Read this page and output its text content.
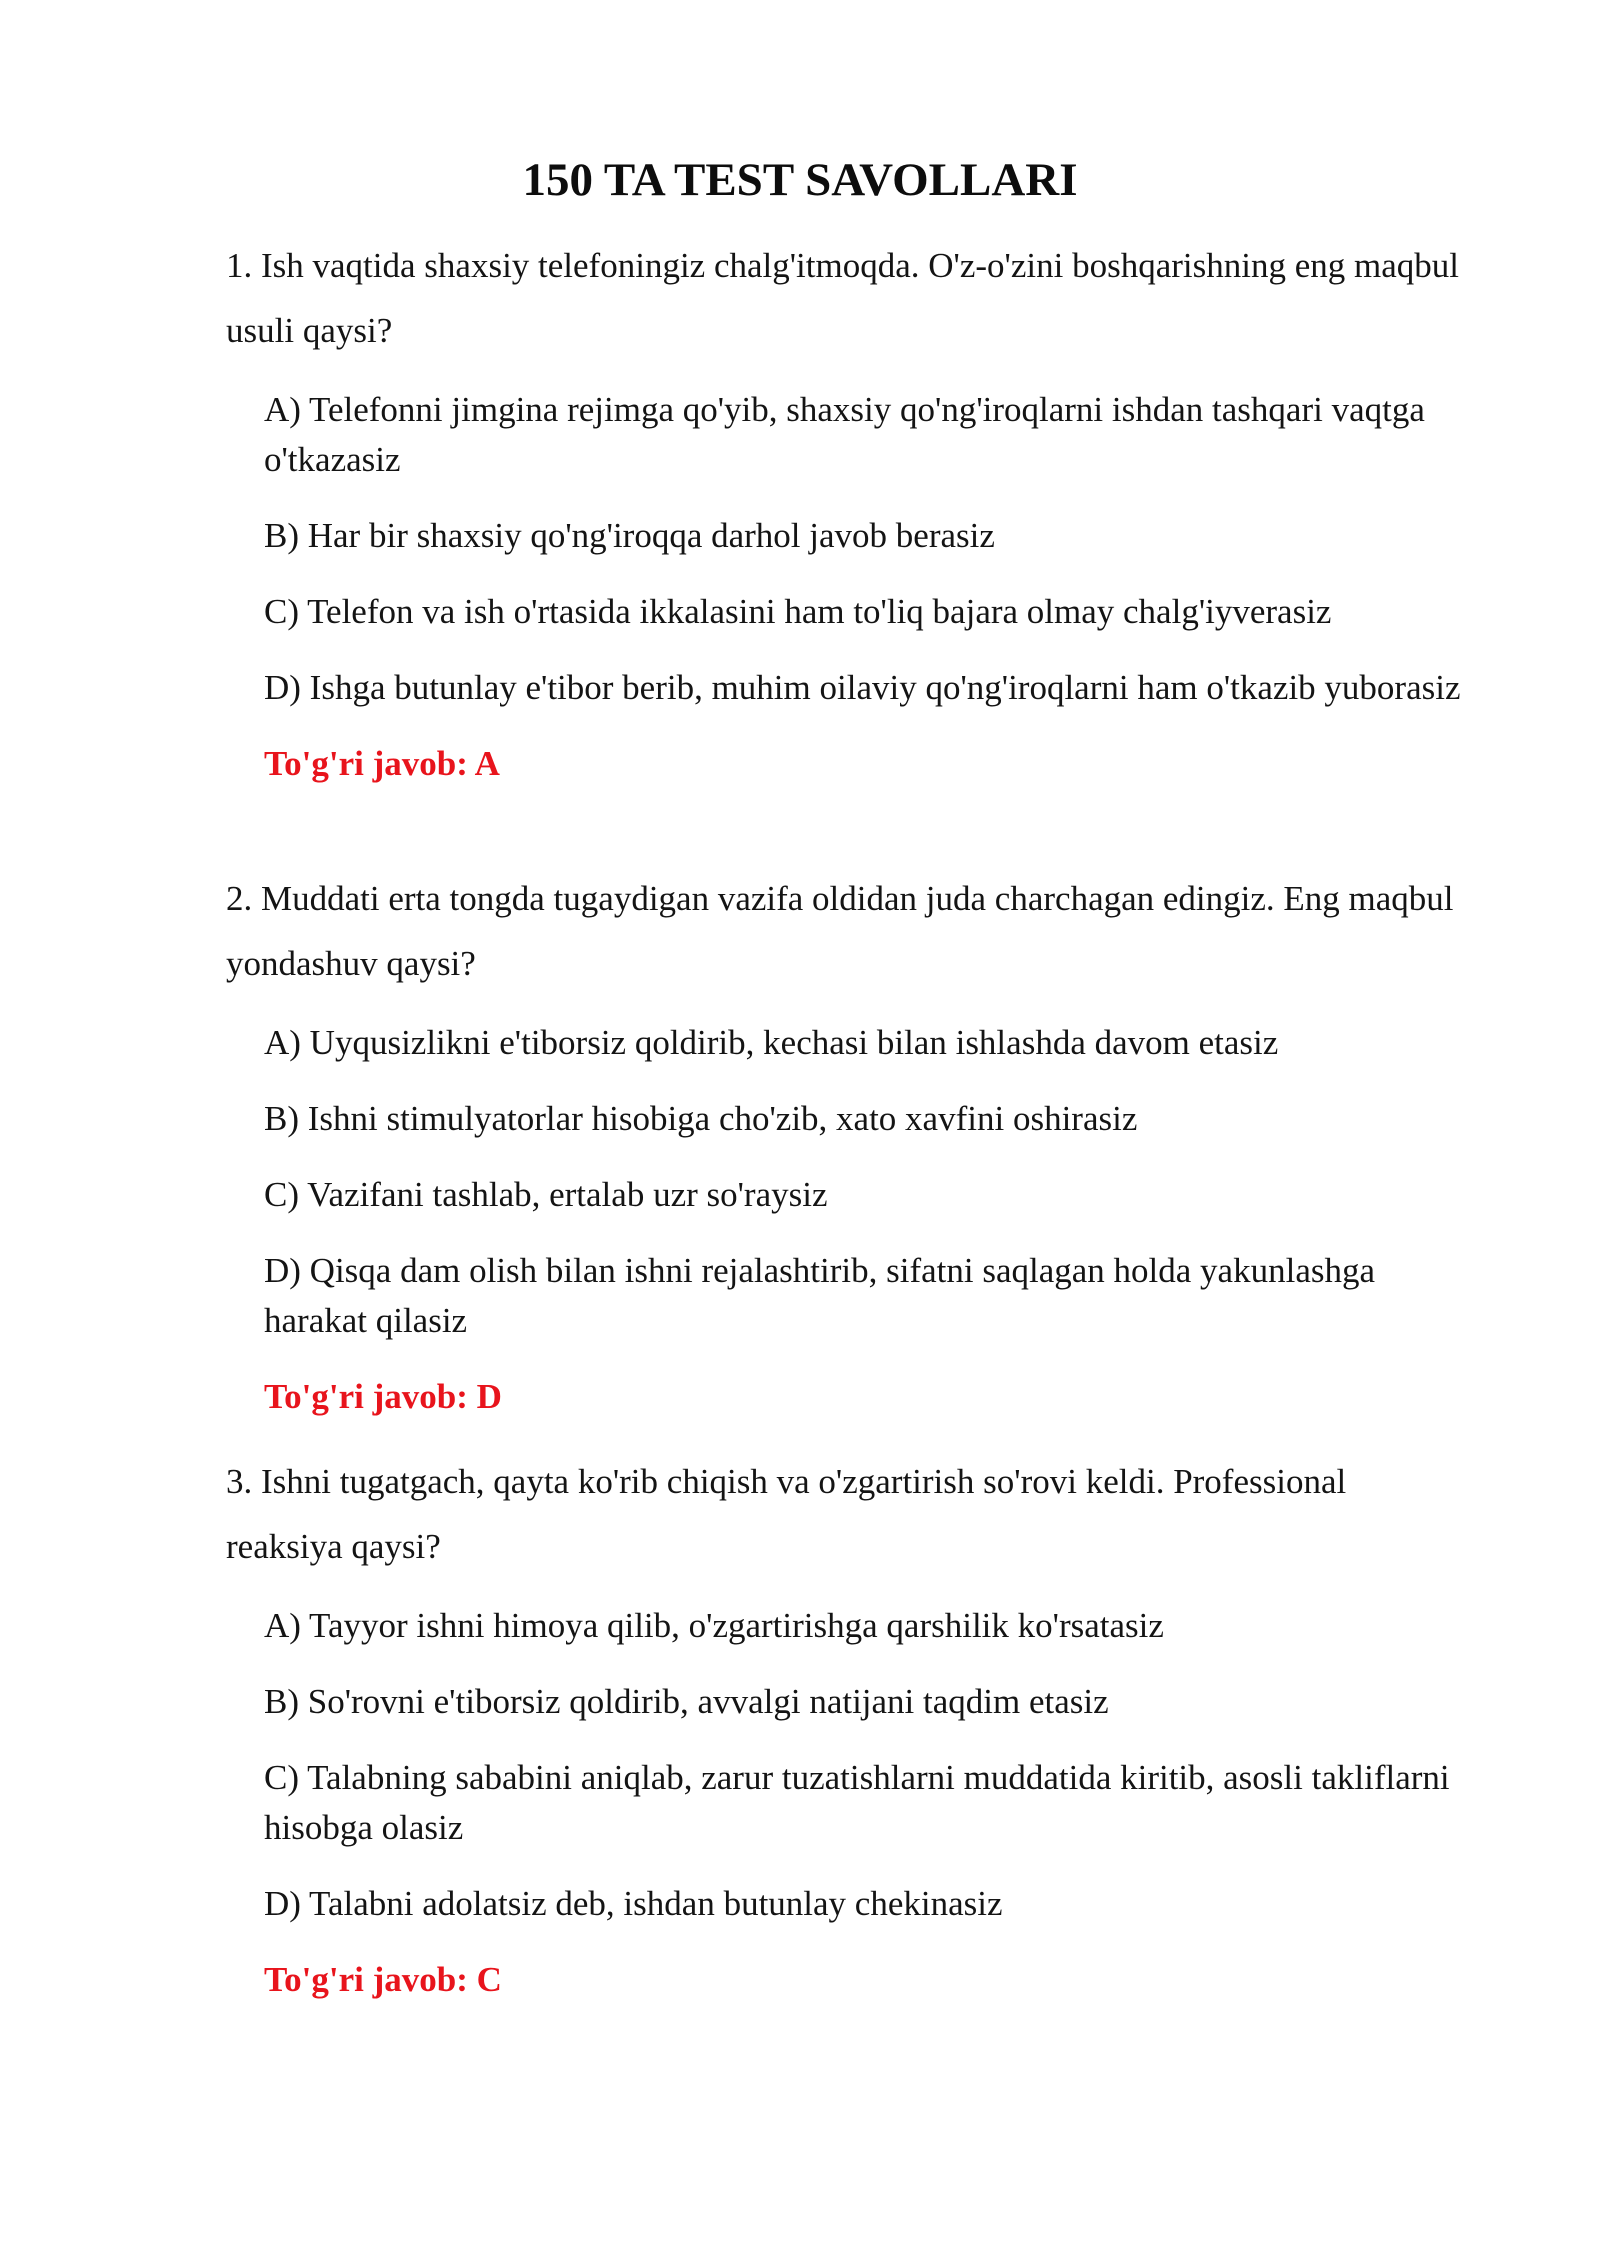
150 TA TEST SAVOLLARI

1. Ish vaqtida shaxsiy telefoningiz chalg'itmoqda. O'z-o'zini boshqarishning eng maqbul usuli qaysi?

A) Telefonni jimgina rejimga qo'yib, shaxsiy qo'ng'iroqlarni ishdan tashqari vaqtga o'tkazasiz
B) Har bir shaxsiy qo'ng'iroqqa darhol javob berasiz
C) Telefon va ish o'rtasida ikkalasini ham to'liq bajara olmay chalg'iyverasiz
D) Ishga butunlay e'tibor berib, muhim oilaviy qo'ng'iroqlarni ham o'tkazib yuborasiz
To'g'ri javob: A

2. Muddati erta tongda tugaydigan vazifa oldidan juda charchagan edingiz. Eng maqbul yondashuv qaysi?

A) Uyqusizlikni e'tiborsiz qoldirib, kechasi bilan ishlashda davom etasiz
B) Ishni stimulyatorlar hisobiga cho'zib, xato xavfini oshirasiz
C) Vazifani tashlab, ertalab uzr so'raysiz
D) Qisqa dam olish bilan ishni rejalashtirib, sifatni saqlagan holda yakunlashga harakat qilasiz
To'g'ri javob: D

3. Ishni tugatgach, qayta ko'rib chiqish va o'zgartirish so'rovi keldi. Professional reaksiya qaysi?

A) Tayyor ishni himoya qilib, o'zgartirishga qarshilik ko'rsatasiz
B) So'rovni e'tiborsiz qoldirib, avvalgi natijani taqdim etasiz
C) Talabning sababini aniqlab, zarur tuzatishlarni muddatida kiritib, asosli takliflarni hisobga olasiz
D) Talabni adolatsiz deb, ishdan butunlay chekinasiz
To'g'ri javob: C
